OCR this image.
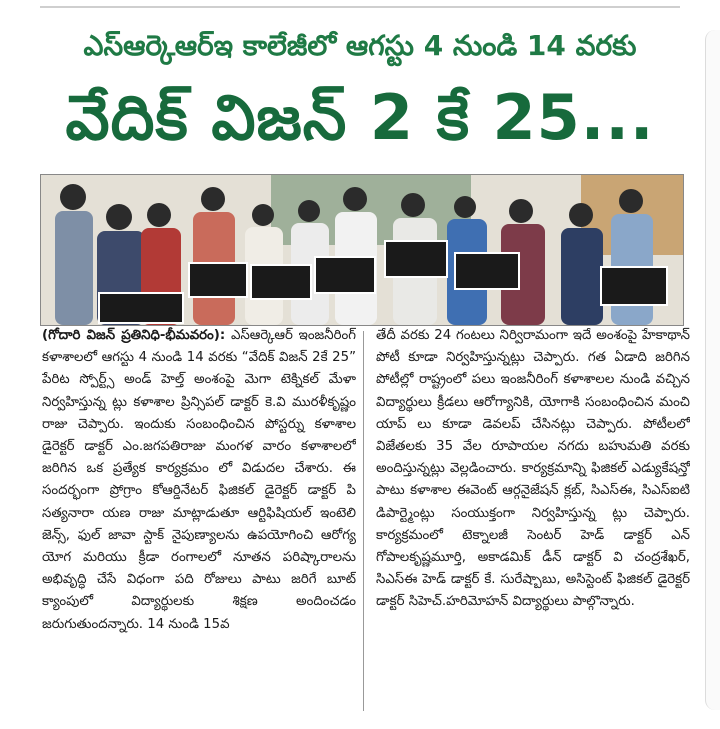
ఎస్ఆర్కెఆర్ఇ కాలేజీలో ఆగస్టు 4 నుండి 14 వరకు
వేదిక్ విజన్ 2 కే 25...
(గోదారి విజన్ ప్రతినిధి-భీమవరం): ఎస్ఆర్కెఆర్ ఇంజనీరింగ్ కళాశాలలో ఆగస్టు 4 నుండి 14 వరకు “వేదిక్ విజన్ 2కే 25” పేరిట స్పోర్ట్స్ అండ్ హెల్త్ అంశంపై మెగా టెక్నికల్ మేళా నిర్వహిస్తున్న ట్లు కళాశాల ప్రిన్సిపల్ డాక్టర్ కె.వి మురళీకృష్ణం రాజు చెప్పారు. ఇందుకు సంబంధించిన పోస్టర్ను కళాశాల డైరెక్టర్ డాక్టర్ ఎం.జగపతిరాజు మంగళ వారం కళాశాలలో జరిగిన ఒక ప్రత్యేక కార్యక్రమం లో విడుదల చేశారు. ఈ సందర్భంగా ప్రోగ్రాం కోఆర్డినేటర్ ఫిజికల్ డైరెక్టర్ డాక్టర్ పి సత్యనారా యణ రాజు మాట్లాడుతూ ఆర్టిఫిషియల్ ఇంటెలి జెన్స్, ఫుల్ జావా స్టాక్ నైపుణ్యాలను ఉపయోగించి ఆరోగ్య యోగ మరియు క్రీడా రంగాలలో నూతన పరిష్కారాలను అభివృద్ధి చేసే విధంగా పది రోజులు పాటు జరిగే బూట్ క్యాంపులో విద్యార్థులకు శిక్షణ అందించడం జరుగుతుందన్నారు. 14 నుండి 15వ
తేదీ వరకు 24 గంటలు నిర్విరామంగా ఇదే అంశంపై హేకాథాన్ పోటీ కూడా నిర్వహిస్తున్నట్లు చెప్పారు. గత ఏడాది జరిగిన పోటీల్లో రాష్ట్రంలో పలు ఇంజనీరింగ్ కళాశాలల నుండి వచ్చిన విద్యార్థులు క్రీడలు ఆరోగ్యానికి, యోగాకి సంబంధించిన మంచి యాప్ లు కూడా డెవలప్ చేసినట్లు చెప్పారు. పోటీలలో విజేతలకు 35 వేల రూపాయల నగదు బహుమతి వరకు అందిస్తున్నట్లు వెల్లడించారు. కార్యక్రమాన్ని ఫిజికల్ ఎడ్యుకేషన్తో పాటు కళాశాల ఈవెంట్ ఆర్గనైజేషన్ క్లబ్, సిఎస్ఈ, సిఎస్ఐటి డిపార్ట్మెంట్లు సంయుక్తంగా నిర్వహిస్తున్న ట్లు చెప్పారు. కార్యక్రమంలో టెక్నాలజీ సెంటర్ హెడ్ డాక్టర్ ఎన్ గోపాలకృష్ణమూర్తి, అకాడమిక్ డీన్ డాక్టర్ వి చంద్రశేఖర్, సిఎస్ఈ హెడ్ డాక్టర్ కే. సురేష్బాబు, అసిస్టెంట్ ఫిజికల్ డైరెక్టర్ డాక్టర్ సిహెచ్.హరిమోహన్ విద్యార్థులు పాల్గొన్నారు.
